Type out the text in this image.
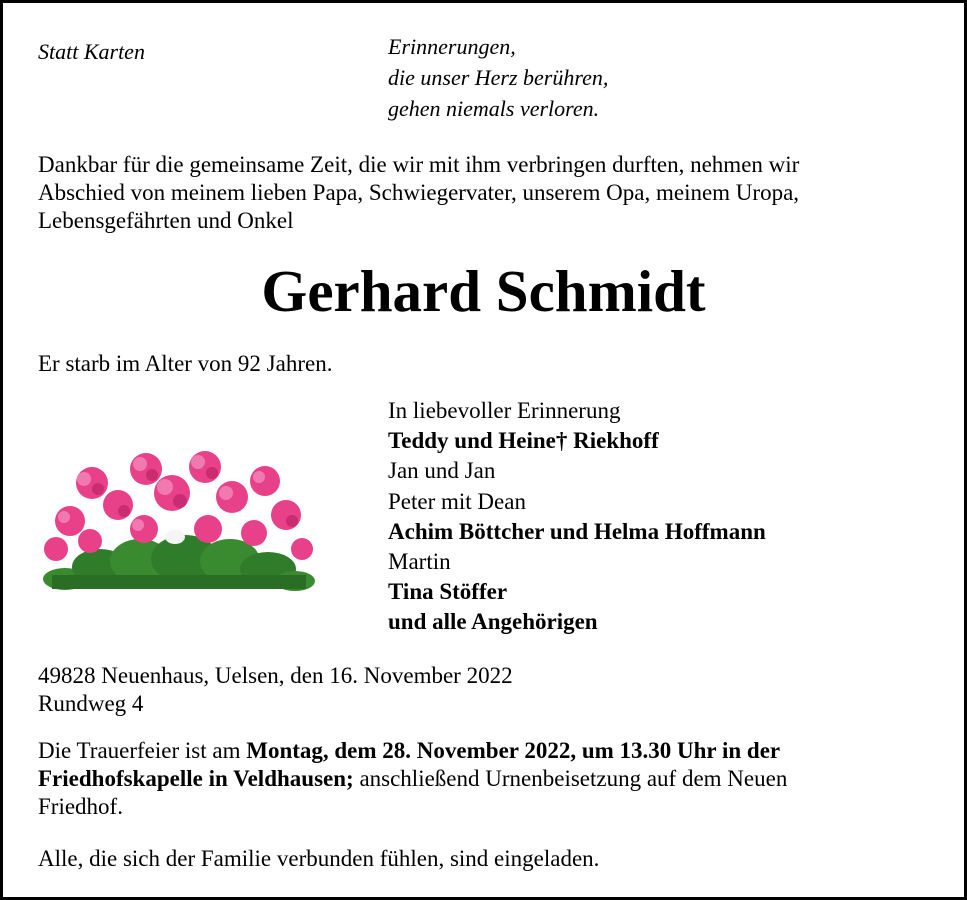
Statt Karten	Erinnerungen,
die unser Herz berühren,
gehen niemals verloren.
Dankbar für die gemeinsame Zeit, die wir mit ihm verbringen durften, nehmen wir
Abschied von meinem lieben Papa, Schwiegervater, unserem Opa, meinem Uropa,
Lebensgefährten und Onkel
Gerhard Schmidt
Er starb im Alter von 92 Jahren.
In liebevoller Erinnerung
Teddy und Heine† Riekhoff
Jan und Jan
Peter mit Dean
Achim Böttcher und Helma Hoffmann
Martin
Tina Stöffer
und alle Angehörigen
49828 Neuenhaus, Uelsen, den 16. November 2022
Rundweg 4
Die Trauerfeier ist am Montag, dem 28. November 2022, um 13.30 Uhr in der
Friedhofskapelle in Veldhausen; anschließend Urnenbeisetzung auf dem Neuen
Friedhof.
Alle, die sich der Familie verbunden fühlen, sind eingeladen.
